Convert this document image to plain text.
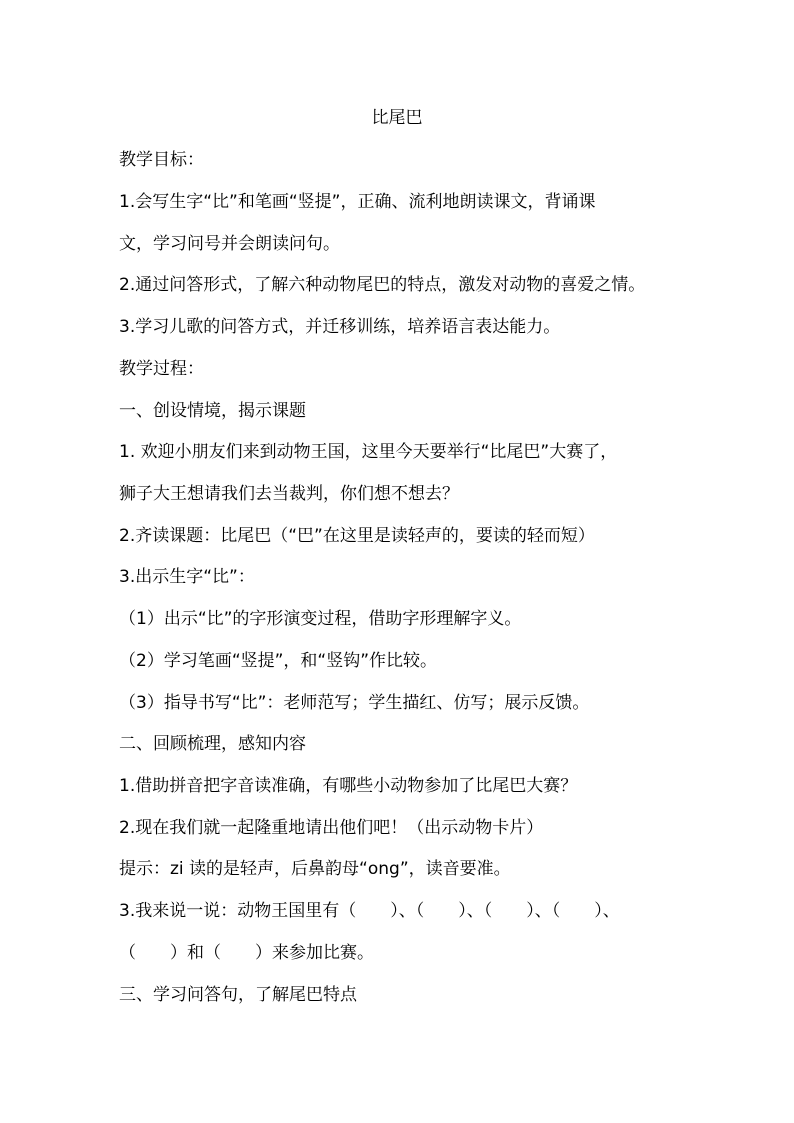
比尾巴
教学目标：
1.会写生字“比”和笔画“竖提”，正确、流利地朗读课文，背诵课
文，学习问号并会朗读问句。
2.通过问答形式，了解六种动物尾巴的特点，激发对动物的喜爱之情。
3.学习儿歌的问答方式，并迁移训练，培养语言表达能力。
教学过程：
一、创设情境，揭示课题
1. 欢迎小朋友们来到动物王国，这里今天要举行“比尾巴”大赛了，
狮子大王想请我们去当裁判，你们想不想去？
2.齐读课题：比尾巴（“巴”在这里是读轻声的，要读的轻而短）
3.出示生字“比”：
（1）出示“比”的字形演变过程，借助字形理解字义。
（2）学习笔画“竖提”，和“竖钩”作比较。
（3）指导书写“比”：老师范写；学生描红、仿写；展示反馈。
二、回顾梳理，感知内容
1.借助拼音把字音读准确，有哪些小动物参加了比尾巴大赛？
2.现在我们就一起隆重地请出他们吧！（出示动物卡片）
提示：zi 读的是轻声，后鼻韵母“ong”，读音要准。
3.我来说一说：动物王国里有（　　）、（　　）、（　　）、（　　）、
（　　）和（　　）来参加比赛。
三、学习问答句，了解尾巴特点
